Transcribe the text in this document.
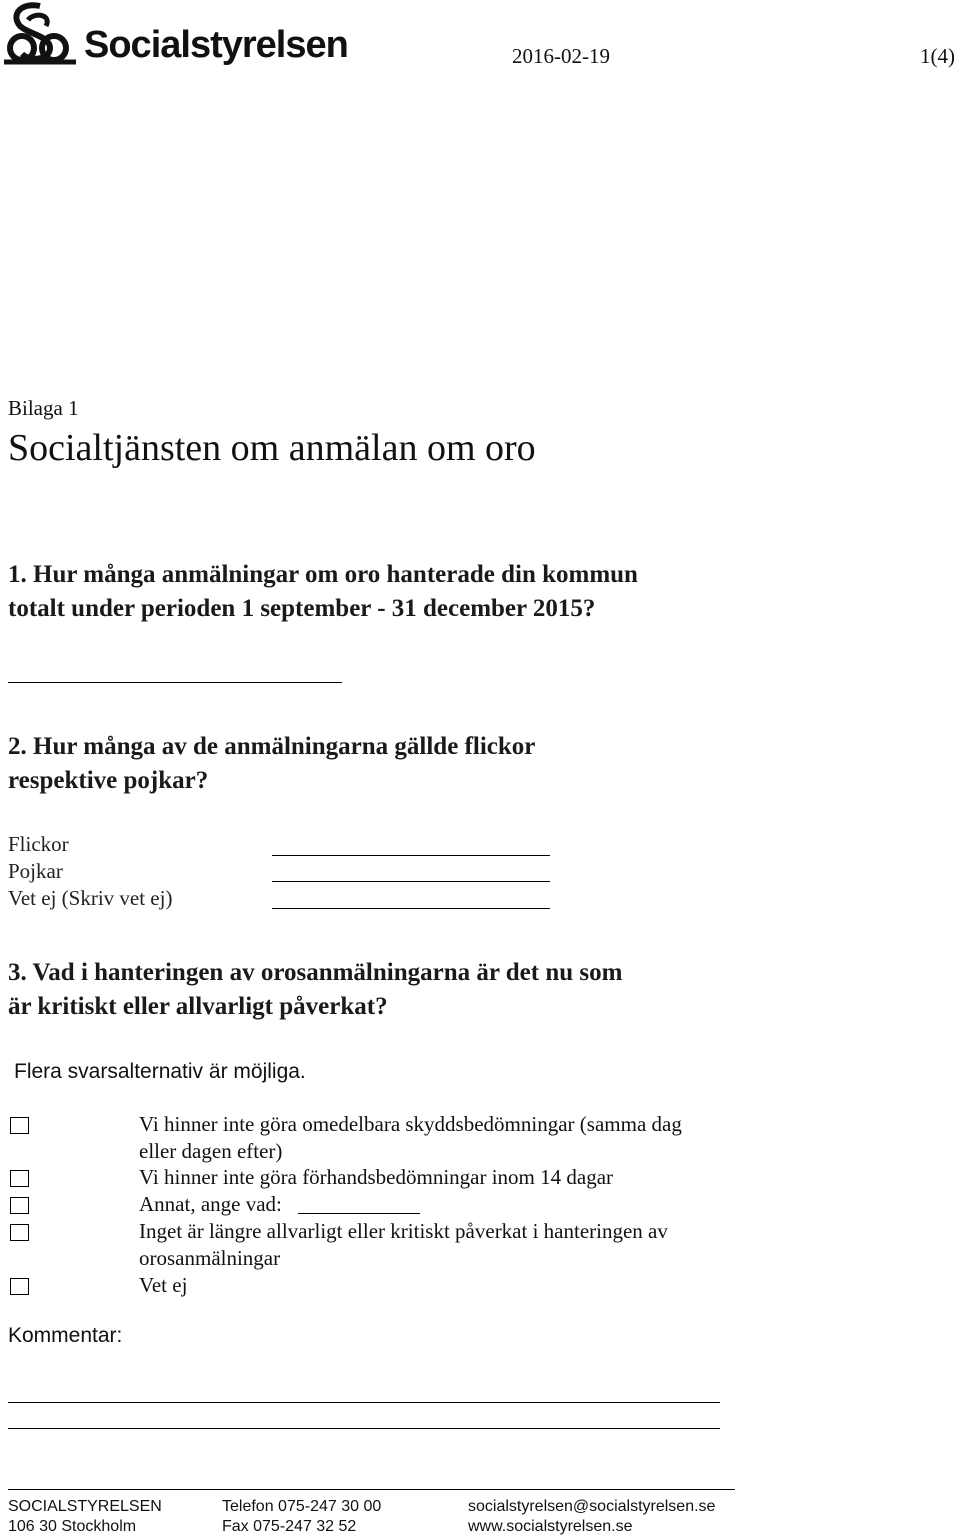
Socialstyrelsen	2016-02-19	1(4)
Bilaga 1
Socialtjänsten om anmälan om oro
1. Hur många anmälningar om oro hanterade din kommun
totalt under perioden 1 september - 31 december 2015?
2. Hur många av de anmälningarna gällde flickor
respektive pojkar?
Flickor
Pojkar
Vet ej (Skriv vet ej)
3. Vad i hanteringen av orosanmälningarna är det nu som
är kritiskt eller allvarligt påverkat?
Flera svarsalternativ är möjliga.
Vi hinner inte göra omedelbara skyddsbedömningar (samma dag
eller dagen efter)
Vi hinner inte göra förhandsbedömningar inom 14 dagar
Annat, ange vad:
Inget är längre allvarligt eller kritiskt påverkat i hanteringen av
orosanmälningar
Vet ej
Kommentar:
SOCIALSTYRELSEN
106 30 Stockholm
Telefon 075-247 30 00
Fax 075-247 32 52
socialstyrelsen@socialstyrelsen.se
www.socialstyrelsen.se
